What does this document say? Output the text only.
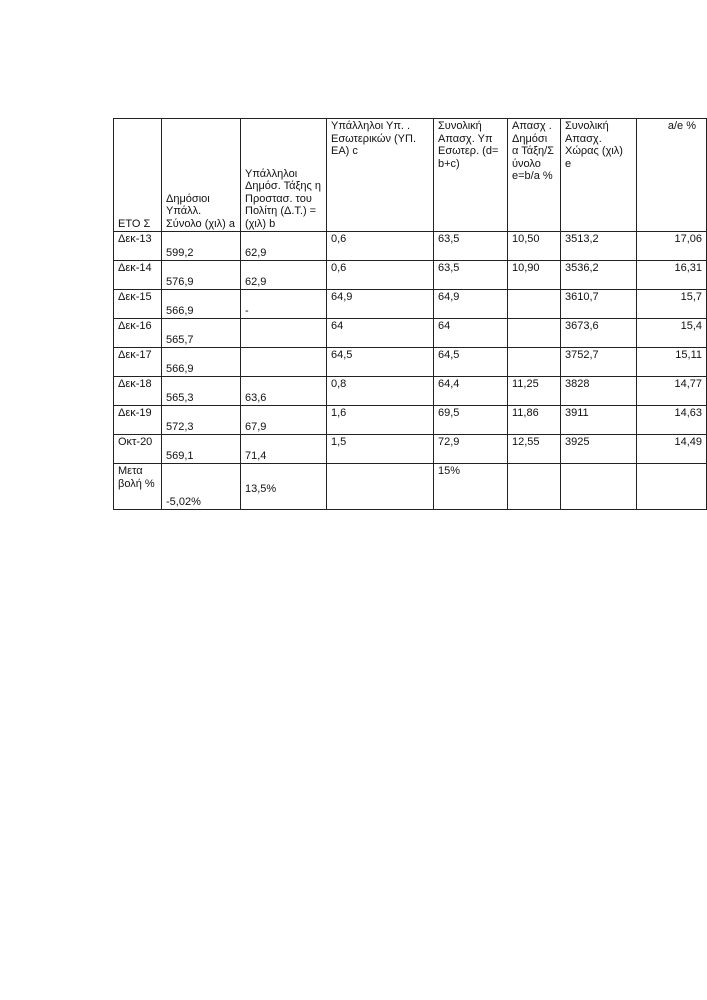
ΕΤΟ Σ	Δημόσιοι Υπάλλ. Σύνολο (χιλ) a	Υπάλληλοι Δημόσ. Τάξης η Προστασ. του Πολίτη (Δ.Τ.) = (χιλ) b	Υπάλληλοι Υπ. . Εσωτερικών (ΥΠ. ΕΑ) c	Συνολική Απασχ. Υπ Εσωτερ. (d= b+c)	Απασχ . Δημόσι α Τάξη/Σ ύνολο e=b/a %	Συνολική Απασχ. Χώρας (χιλ) e	a/e %
Δεκ-13	599,2	62,9	0,6	63,5	10,50	3513,2	17,06
Δεκ-14	576,9	62,9	0,6	63,5	10,90	3536,2	16,31
Δεκ-15	566,9	-	64,9	64,9		3610,7	15,7
Δεκ-16	565,7		64	64		3673,6	15,4
Δεκ-17	566,9		64,5	64,5		3752,7	15,11
Δεκ-18	565,3	63,6	0,8	64,4	11,25	3828	14,77
Δεκ-19	572,3	67,9	1,6	69,5	11,86	3911	14,63
Οκτ-20	569,1	71,4	1,5	72,9	12,55	3925	14,49
Μετα βολή %	-5,02%	13,5%		15%			
